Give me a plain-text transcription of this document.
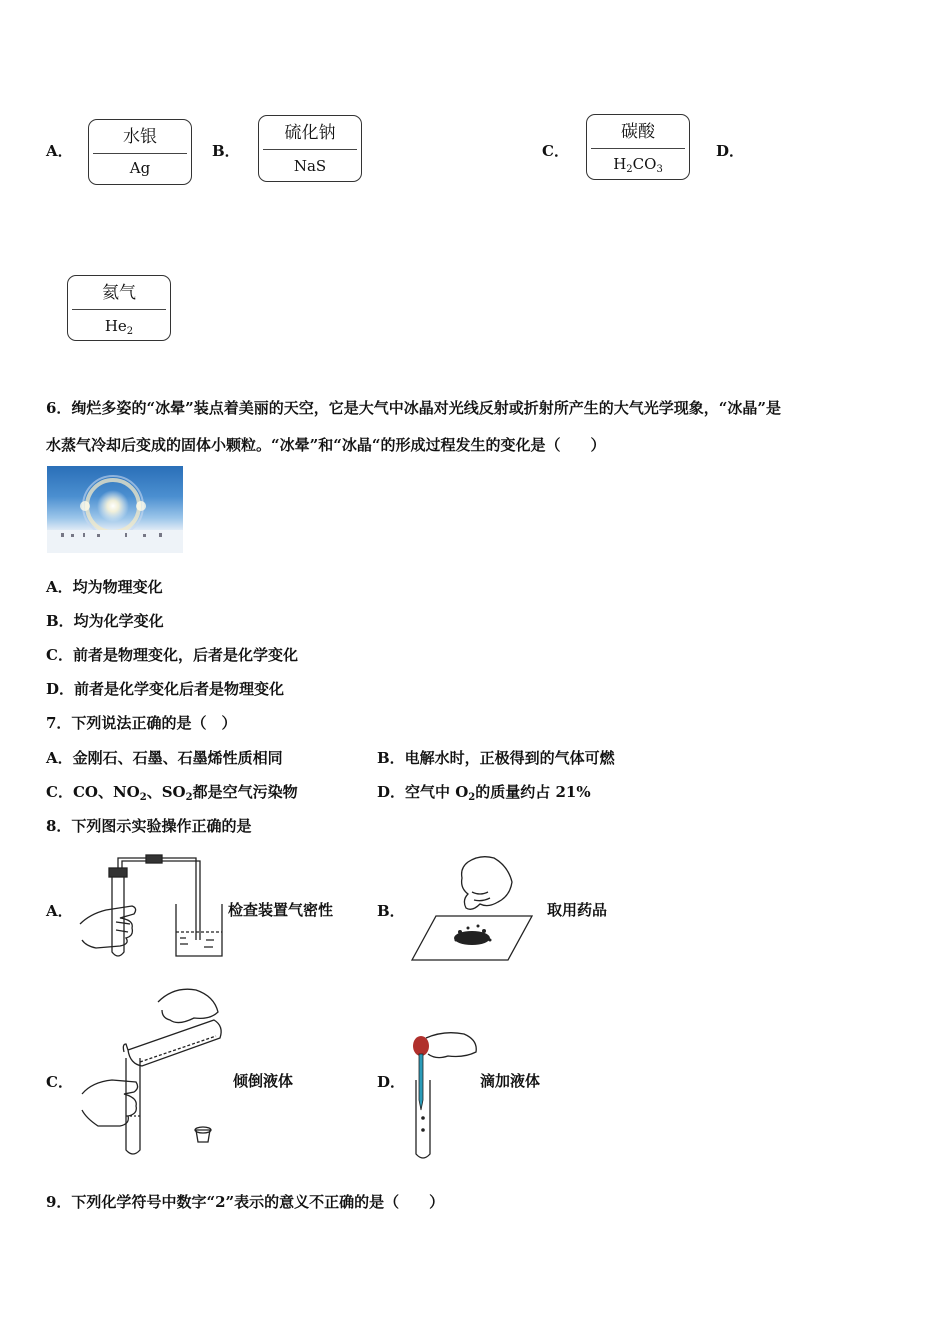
A．
水银
Ag
B．
硫化钠
NaS
C．
碳酸
$H_2CO_3$
D．
氦气
$He_2$
6．绚烂多姿的“冰晕”装点着美丽的天空，它是大气中冰晶对光线反射或折射所产生的大气光学现象，“冰晶”是
水蒸气冷却后变成的固体小颗粒。“冰晕”和“冰晶“的形成过程发生的变化是（　　）
A．均为物理变化
B．均为化学变化
C．前者是物理变化，后者是化学变化
D．前者是化学变化后者是物理变化
7．下列说法正确的是（　）
A．金刚石、石墨、石墨烯性质相同	B．电解水时，正极得到的气体可燃
C．CO、$NO_2$、$SO_2$都是空气污染物	D．空气中 $O_2$的质量约占 21%
8．下列图示实验操作正确的是
A．	检查装置气密性	B．	取用药品
C．	倾倒液体	D．	滴加液体
9．下列化学符号中数字“2”表示的意义不正确的是（　　）
